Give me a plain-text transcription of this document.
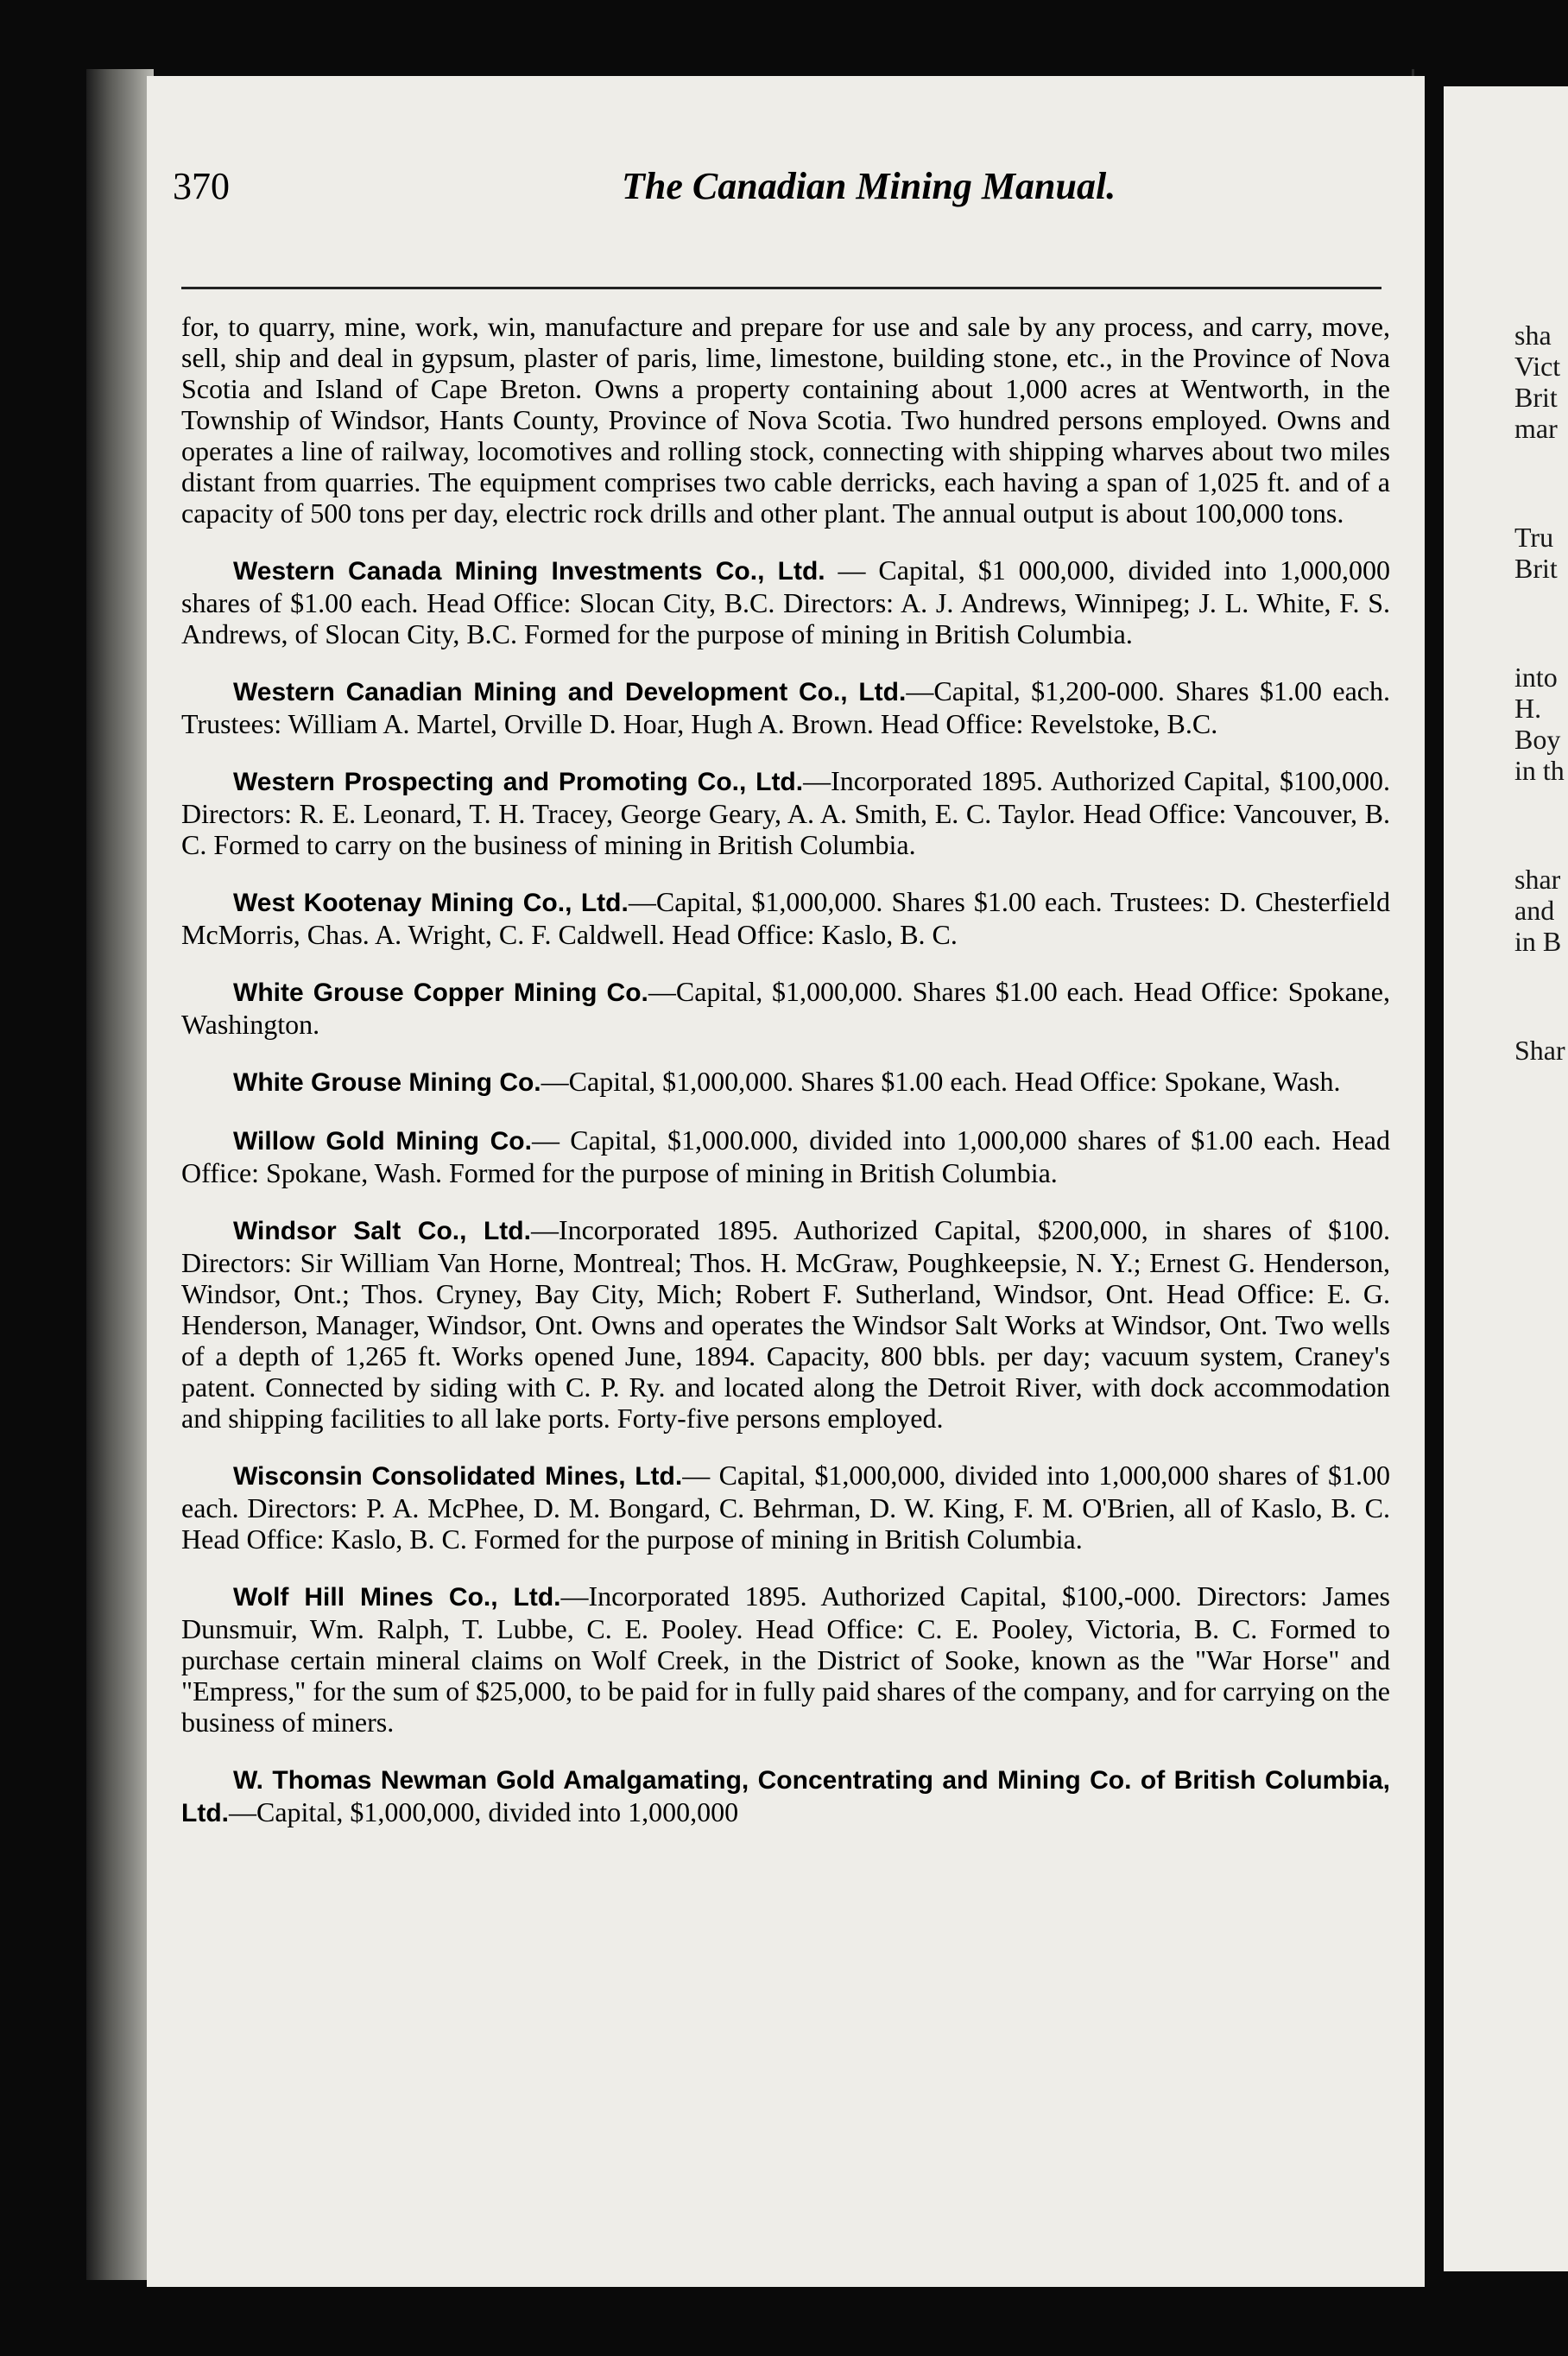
370	The Canadian Mining Manual.

for, to quarry, mine, work, win, manufacture and prepare for use and sale by any process, and carry, move, sell, ship and deal in gypsum, plaster of paris, lime, limestone, building stone, etc., in the Province of Nova Scotia and Island of Cape Breton. Owns a property containing about 1,000 acres at Wentworth, in the Township of Windsor, Hants County, Province of Nova Scotia. Two hundred persons employed. Owns and operates a line of railway, locomotives and rolling stock, connecting with shipping wharves about two miles distant from quarries. The equipment comprises two cable derricks, each having a span of 1,025 ft. and of a capacity of 500 tons per day, electric rock drills and other plant. The annual output is about 100,000 tons.

Western Canada Mining Investments Co., Ltd. — Capital, $1 000,000, divided into 1,000,000 shares of $1.00 each. Head Office: Slocan City, B.C. Directors: A. J. Andrews, Winnipeg; J. L. White, F. S. Andrews, of Slocan City, B.C. Formed for the purpose of mining in British Columbia.

Western Canadian Mining and Development Co., Ltd.—Capital, $1,200-000. Shares $1.00 each. Trustees: William A. Martel, Orville D. Hoar, Hugh A. Brown. Head Office: Revelstoke, B.C.

Western Prospecting and Promoting Co., Ltd.—Incorporated 1895. Authorized Capital, $100,000. Directors: R. E. Leonard, T. H. Tracey, George Geary, A. A. Smith, E. C. Taylor. Head Office: Vancouver, B. C. Formed to carry on the business of mining in British Columbia.

West Kootenay Mining Co., Ltd.—Capital, $1,000,000. Shares $1.00 each. Trustees: D. Chesterfield McMorris, Chas. A. Wright, C. F. Caldwell. Head Office: Kaslo, B. C.

White Grouse Copper Mining Co.—Capital, $1,000,000. Shares $1.00 each. Head Office: Spokane, Washington.

White Grouse Mining Co.—Capital, $1,000,000. Shares $1.00 each. Head Office: Spokane, Wash.

Willow Gold Mining Co.— Capital, $1,000.000, divided into 1,000,000 shares of $1.00 each. Head Office: Spokane, Wash. Formed for the purpose of mining in British Columbia.

Windsor Salt Co., Ltd.—Incorporated 1895. Authorized Capital, $200,000, in shares of $100. Directors: Sir William Van Horne, Montreal; Thos. H. McGraw, Poughkeepsie, N. Y.; Ernest G. Henderson, Windsor, Ont.; Thos. Cryney, Bay City, Mich; Robert F. Sutherland, Windsor, Ont. Head Office: E. G. Henderson, Manager, Windsor, Ont. Owns and operates the Windsor Salt Works at Windsor, Ont. Two wells of a depth of 1,265 ft. Works opened June, 1894. Capacity, 800 bbls. per day; vacuum system, Craney's patent. Connected by siding with C. P. Ry. and located along the Detroit River, with dock accommodation and shipping facilities to all lake ports. Forty-five persons employed.

Wisconsin Consolidated Mines, Ltd.— Capital, $1,000,000, divided into 1,000,000 shares of $1.00 each. Directors: P. A. McPhee, D. M. Bongard, C. Behrman, D. W. King, F. M. O'Brien, all of Kaslo, B. C. Head Office: Kaslo, B. C. Formed for the purpose of mining in British Columbia.

Wolf Hill Mines Co., Ltd.—Incorporated 1895. Authorized Capital, $100,-000. Directors: James Dunsmuir, Wm. Ralph, T. Lubbe, C. E. Pooley. Head Office: C. E. Pooley, Victoria, B. C. Formed to purchase certain mineral claims on Wolf Creek, in the District of Sooke, known as the "War Horse" and "Empress," for the sum of $25,000, to be paid for in fully paid shares of the company, and for carrying on the business of miners.

W. Thomas Newman Gold Amalgamating, Concentrating and Mining Co. of British Columbia, Ltd.—Capital, $1,000,000, divided into 1,000,000

sha
Vict
Brit
mar
Tru
Brit
into
H.
Boy
in th
shar
and
in B
Shar
